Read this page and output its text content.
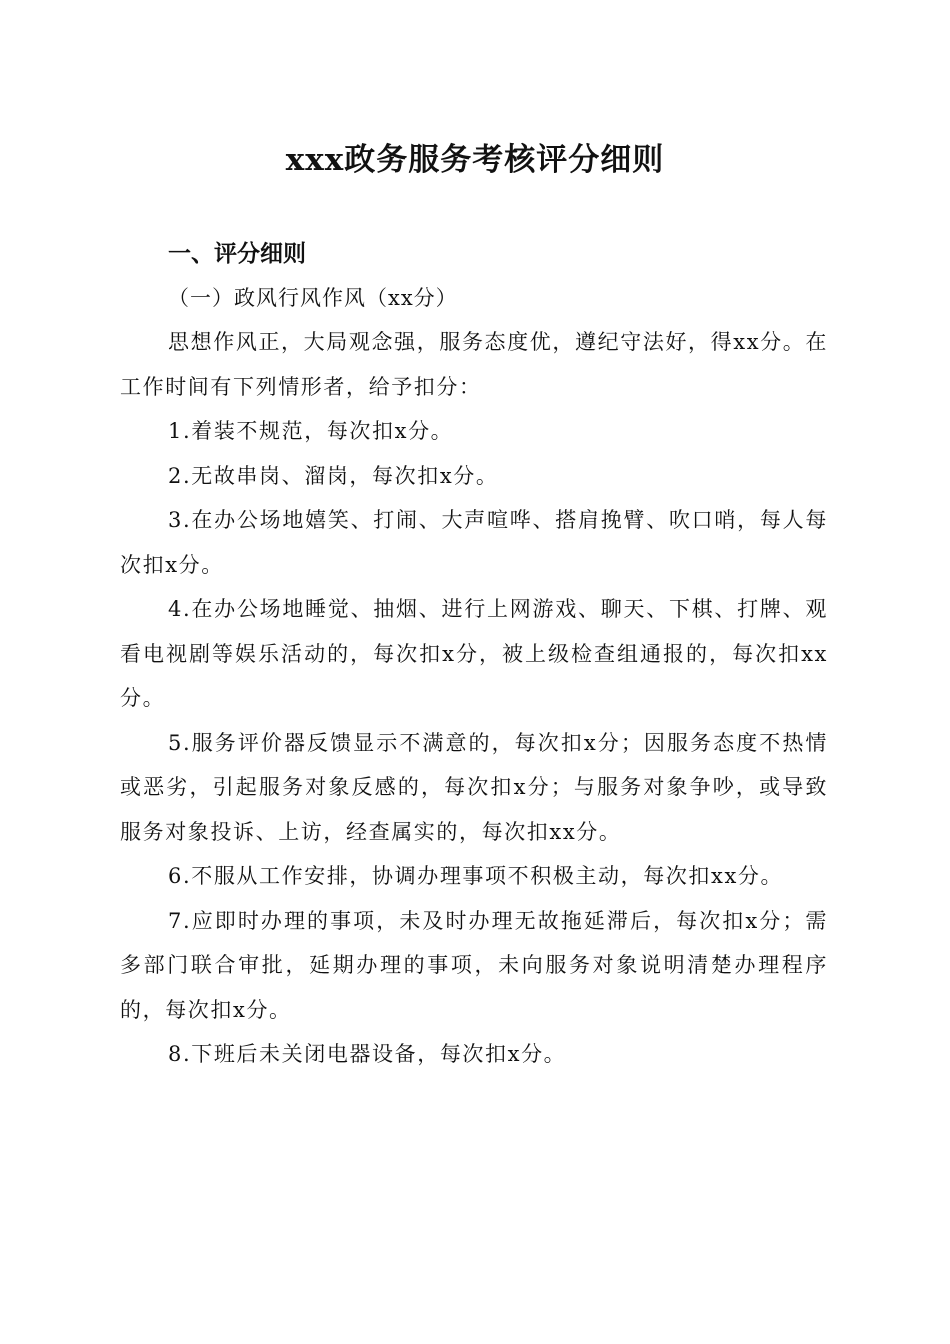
xxx政务服务考核评分细则

一、评分细则

（一）政风行风作风（xx分）

思想作风正，大局观念强，服务态度优，遵纪守法好，得xx分。在工作时间有下列情形者，给予扣分：

1.着装不规范，每次扣x分。

2.无故串岗、溜岗，每次扣x分。

3.在办公场地嬉笑、打闹、大声喧哗、搭肩挽臂、吹口哨，每人每次扣x分。

4.在办公场地睡觉、抽烟、进行上网游戏、聊天、下棋、打牌、观看电视剧等娱乐活动的，每次扣x分，被上级检查组通报的，每次扣xx分。

5.服务评价器反馈显示不满意的，每次扣x分；因服务态度不热情或恶劣，引起服务对象反感的，每次扣x分；与服务对象争吵，或导致服务对象投诉、上访，经查属实的，每次扣xx分。

6.不服从工作安排，协调办理事项不积极主动，每次扣xx分。

7.应即时办理的事项，未及时办理无故拖延滞后，每次扣x分；需多部门联合审批，延期办理的事项，未向服务对象说明清楚办理程序的，每次扣x分。

8.下班后未关闭电器设备，每次扣x分。
